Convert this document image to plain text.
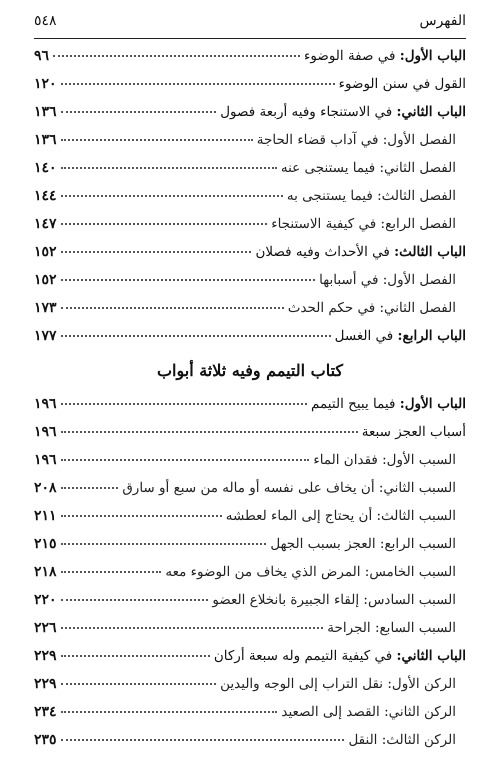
٥٤٨	الفهرس
الباب الأول: في صفة الوضوء
٩٦
القول في سنن الوضوء
١٢٠
الباب الثاني: في الاستنجاء وفيه أربعة فصول
١٣٦
الفصل الأول: في آداب قضاء الحاجة
١٣٦
الفصل الثاني: فيما يستنجى عنه
١٤٠
الفصل الثالث: فيما يستنجى به
١٤٤
الفصل الرابع: في كيفية الاستنجاء
١٤٧
الباب الثالث: في الأحداث وفيه فصلان
١٥٢
الفصل الأول: في أسبابها
١٥٢
الفصل الثاني: في حكم الحدث
١٧٣
الباب الرابع: في الغسل
١٧٧
كتاب التيمم وفيه ثلاثة أبواب
الباب الأول: فيما يبيح التيمم
١٩٦
أسباب العجز سبعة
١٩٦
السبب الأول: فقدان الماء
١٩٦
السبب الثاني: أن يخاف على نفسه أو ماله من سبع أو سارق
٢٠٨
السبب الثالث: أن يحتاج إلى الماء لعطشه
٢١١
السبب الرابع: العجز بسبب الجهل
٢١٥
السبب الخامس: المرض الذي يخاف من الوضوء معه
٢١٨
السبب السادس: إلقاء الجبيرة بانخلاع العضو
٢٢٠
السبب السابع: الجراحة
٢٢٦
الباب الثاني: في كيفية التيمم وله سبعة أركان
٢٢٩
الركن الأول: نقل التراب إلى الوجه واليدين
٢٢٩
الركن الثاني: القصد إلى الصعيد
٢٣٤
الركن الثالث: النقل
٢٣٥
